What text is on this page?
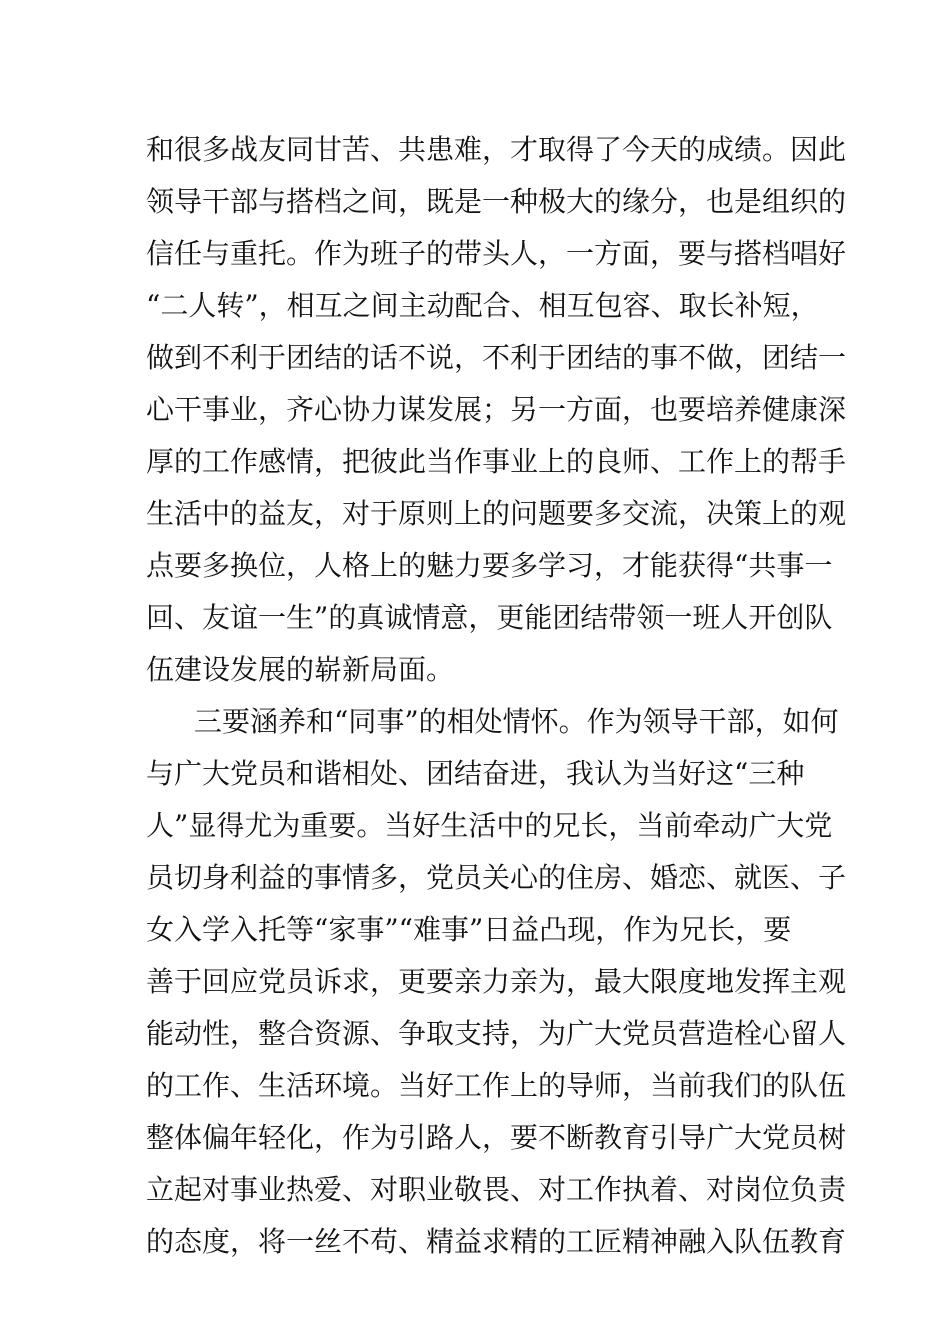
和很多战友同甘苦、共患难，才取得了今天的成绩。因此
领导干部与搭档之间，既是一种极大的缘分，也是组织的
信任与重托。作为班子的带头人，一方面，要与搭档唱好
“二人转”，相互之间主动配合、相互包容、取长补短，
做到不利于团结的话不说，不利于团结的事不做，团结一
心干事业，齐心协力谋发展；另一方面，也要培养健康深
厚的工作感情，把彼此当作事业上的良师、工作上的帮手
生活中的益友，对于原则上的问题要多交流，决策上的观
点要多换位，人格上的魅力要多学习，才能获得“共事一
回、友谊一生”的真诚情意，更能团结带领一班人开创队
伍建设发展的崭新局面。
三要涵养和“同事”的相处情怀。作为领导干部，如何
与广大党员和谐相处、团结奋进，我认为当好这“三种
人”显得尤为重要。当好生活中的兄长，当前牵动广大党
员切身利益的事情多，党员关心的住房、婚恋、就医、子
女入学入托等“家事”“难事”日益凸现，作为兄长，要
善于回应党员诉求，更要亲力亲为，最大限度地发挥主观
能动性，整合资源、争取支持，为广大党员营造栓心留人
的工作、生活环境。当好工作上的导师，当前我们的队伍
整体偏年轻化，作为引路人，要不断教育引导广大党员树
立起对事业热爱、对职业敬畏、对工作执着、对岗位负责
的态度，将一丝不苟、精益求精的工匠精神融入队伍教育
